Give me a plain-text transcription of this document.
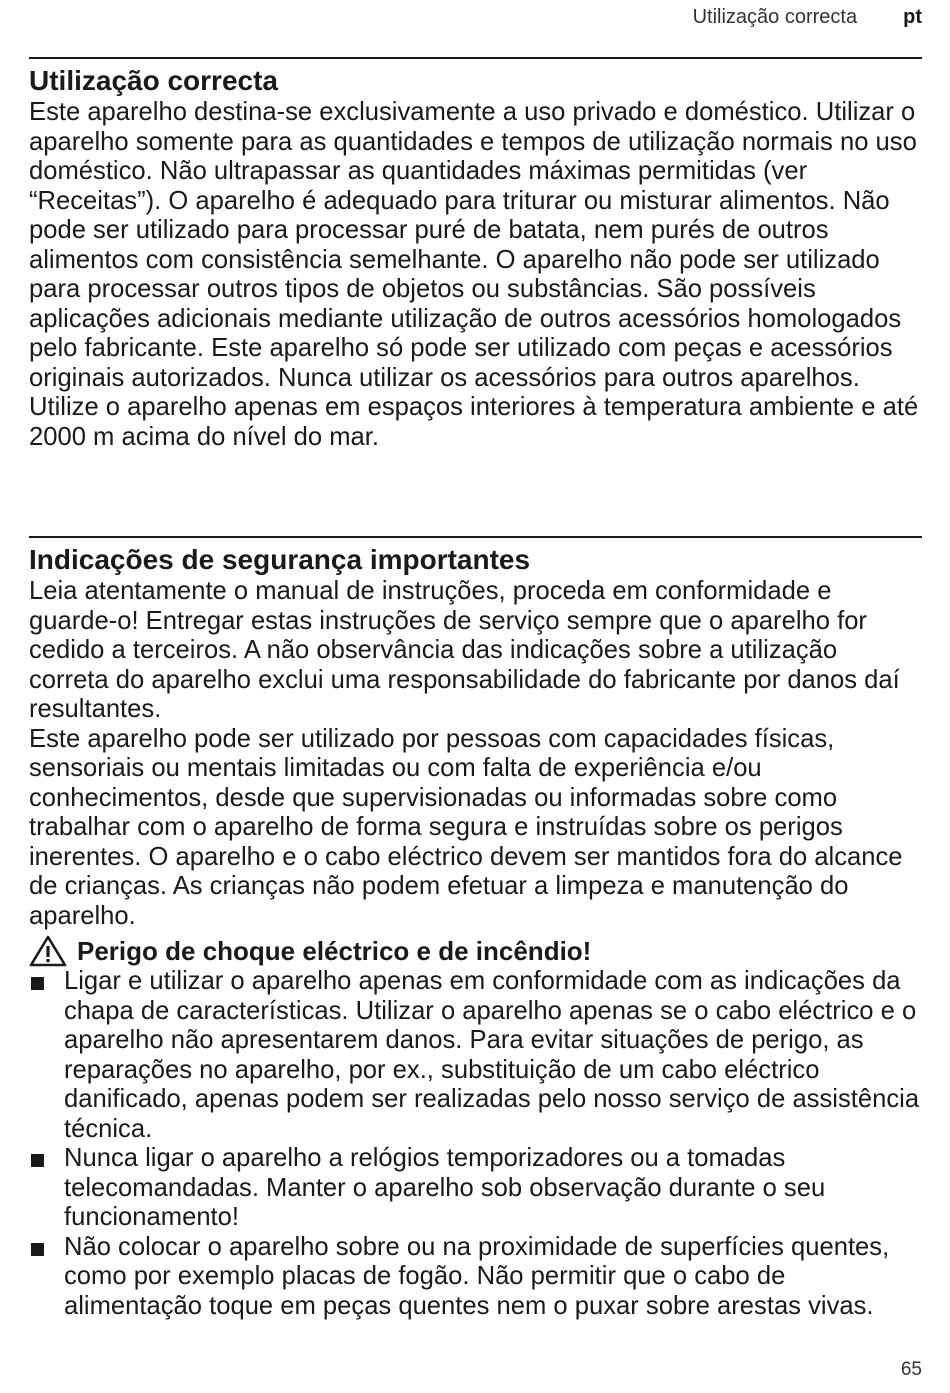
Utilização correcta pt
Utilização correcta

Este aparelho destina-se exclusivamente a uso privado e doméstico. Utilizar o aparelho somente para as quantidades e tempos de utilização normais no uso doméstico. Não ultrapassar as quantidades máximas permitidas (ver “Receitas”). O aparelho é adequado para triturar ou misturar alimentos. Não pode ser utilizado para processar puré de batata, nem purés de outros alimentos com consistência semelhante. O aparelho não pode ser utilizado para processar outros tipos de objetos ou substâncias. São possíveis aplicações adicionais mediante utilização de outros acessórios homologados pelo fabricante. Este aparelho só pode ser utilizado com peças e acessórios originais autorizados. Nunca utilizar os acessórios para outros aparelhos.

Utilize o aparelho apenas em espaços interiores à temperatura ambiente e até 2000 m acima do nível do mar.

Indicações de segurança importantes

Leia atentamente o manual de instruções, proceda em conformidade e guarde-o! Entregar estas instruções de serviço sempre que o aparelho for cedido a terceiros. A não observância das indicações sobre a utilização correta do aparelho exclui uma responsabilidade do fabricante por danos daí resultantes.

Este aparelho pode ser utilizado por pessoas com capacidades físicas, sensoriais ou mentais limitadas ou com falta de experiência e/ou conhecimentos, desde que supervisionadas ou informadas sobre como trabalhar com o aparelho de forma segura e instruídas sobre os perigos inerentes. O aparelho e o cabo eléctrico devem ser mantidos fora do alcance de crianças. As crianças não podem efetuar a limpeza e manutenção do aparelho.

Perigo de choque eléctrico e de incêndio!
Ligar e utilizar o aparelho apenas em conformidade com as indicações da chapa de características. Utilizar o aparelho apenas se o cabo eléctrico e o aparelho não apresentarem danos. Para evitar situações de perigo, as reparações no aparelho, por ex., substituição de um cabo eléctrico danificado, apenas podem ser realizadas pelo nosso serviço de assistência técnica.
Nunca ligar o aparelho a relógios temporizadores ou a tomadas telecomandadas. Manter o aparelho sob observação durante o seu funcionamento!
Não colocar o aparelho sobre ou na proximidade de superfícies quentes, como por exemplo placas de fogão. Não permitir que o cabo de alimentação toque em peças quentes nem o puxar sobre arestas vivas.
65
